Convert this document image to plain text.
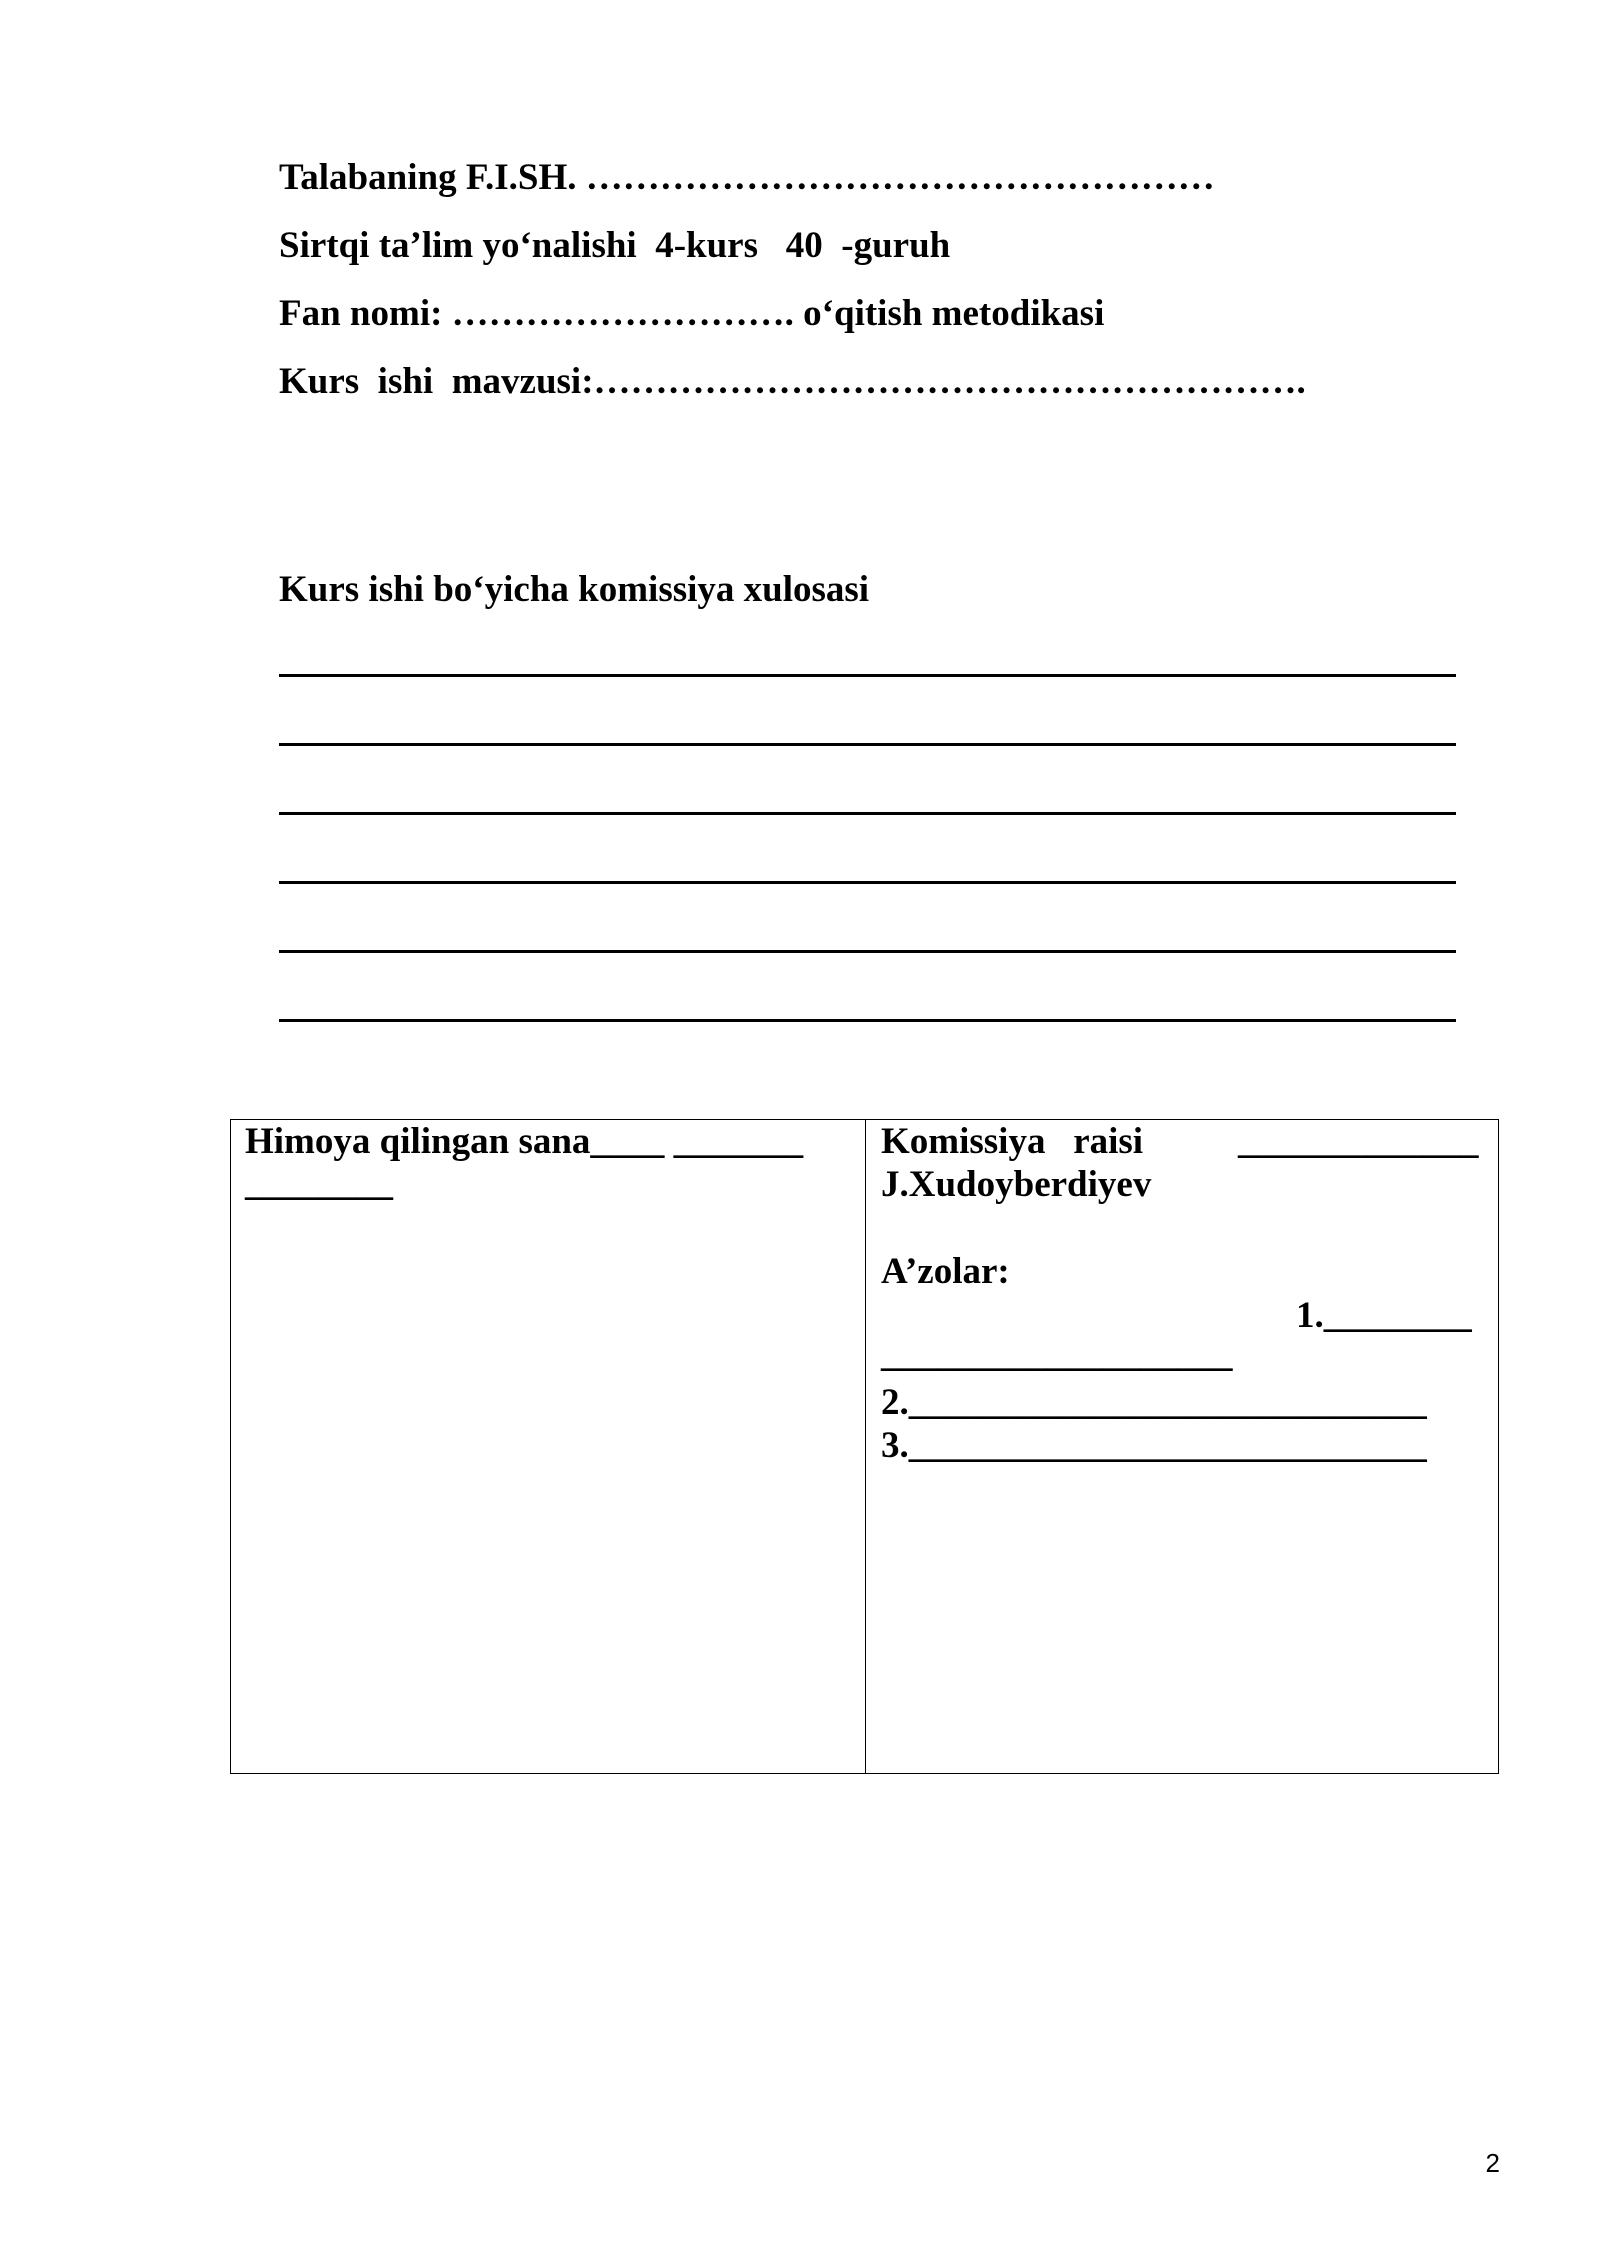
Talabaning F.I.SH. ……………………………………………

Sirtqi ta’lim yo‘nalishi  4-kurs   40  -guruh

Fan nomi: ………………………. o‘qitish metodikasi

Kurs  ishi  mavzusi:………………………………………………….

Kurs ishi bo‘yicha komissiya xulosasi

Himoya qilingan sana____ _______

________

Komissiya   raisi	_____________

J.Xudoyberdiyev

A’zolar:

1.________

___________________

2.____________________________

3.____________________________

2
